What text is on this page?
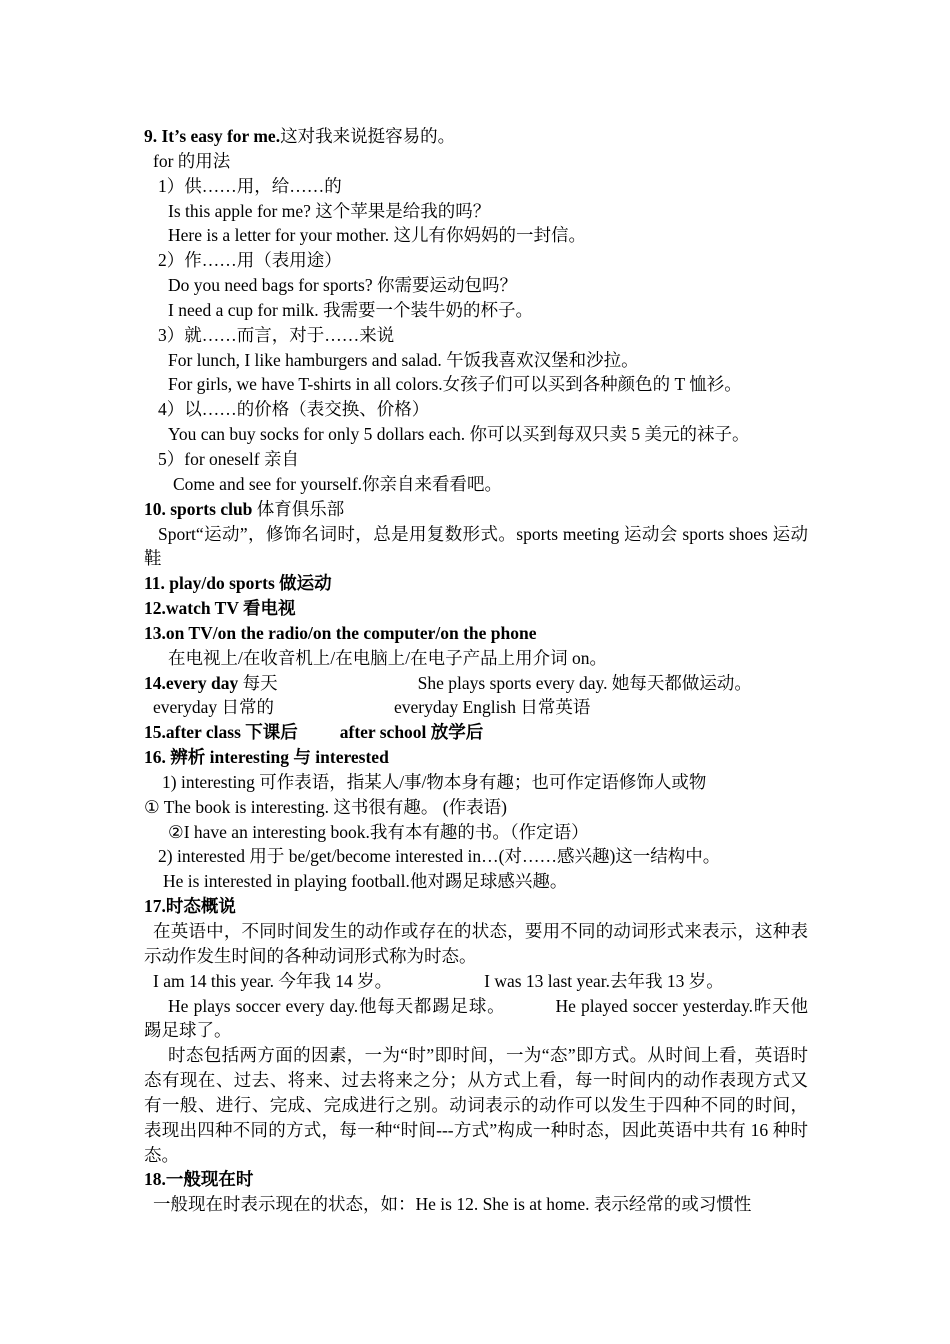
9. It’s easy for me.这对我来说挺容易的。
for 的用法
1）供……用，给……的
Is this apple for me? 这个苹果是给我的吗？
Here is a letter for your mother. 这儿有你妈妈的一封信。
2）作……用（表用途）
Do you need bags for sports? 你需要运动包吗？
I need a cup for milk. 我需要一个装牛奶的杯子。
3）就……而言，对于……来说
For lunch, I like hamburgers and salad. 午饭我喜欢汉堡和沙拉。
For girls, we have T-shirts in all colors.女孩子们可以买到各种颜色的 T 恤衫。
4）以……的价格（表交换、价格）
You can buy socks for only 5 dollars each. 你可以买到每双只卖 5 美元的袜子。
5）for oneself 亲自
Come and see for yourself.你亲自来看看吧。
10. sports club 体育俱乐部
Sport“运动”，修饰名词时，总是用复数形式。sports meeting 运动会 sports shoes 运动鞋
11. play/do sports 做运动
12.watch TV 看电视
13.on TV/on the radio/on the computer/on the phone
在电视上/在收音机上/在电脑上/在电子产品上用介词 on。
14.every day 每天	She plays sports every day. 她每天都做运动。
everyday 日常的	everyday English 日常英语
15.after class 下课后 after school 放学后
16. 辨析 interesting 与 interested
1) interesting 可作表语，指某人/事/物本身有趣；也可作定语修饰人或物
① The book is interesting. 这书很有趣。 (作表语)
②I have an interesting book.我有本有趣的书。（作定语）
2) interested 用于 be/get/become interested in…(对……感兴趣)这一结构中。
He is interested in playing football.他对踢足球感兴趣。
17.时态概说
在英语中，不同时间发生的动作或存在的状态，要用不同的动词形式来表示，这种表示动作发生时间的各种动词形式称为时态。
I am 14 this year. 今年我 14 岁。	I was 13 last year.去年我 13 岁。
He plays soccer every day.他每天都踢足球。	He played soccer yesterday.昨天他踢足球了。
时态包括两方面的因素，一为“时”即时间，一为“态”即方式。从时间上看，英语时态有现在、过去、将来、过去将来之分；从方式上看，每一时间内的动作表现方式又有一般、进行、完成、完成进行之别。动词表示的动作可以发生于四种不同的时间，表现出四种不同的方式，每一种“时间---方式”构成一种时态，因此英语中共有 16 种时态。
18.一般现在时
一般现在时表示现在的状态，如：He is 12. She is at home. 表示经常的或习惯性
